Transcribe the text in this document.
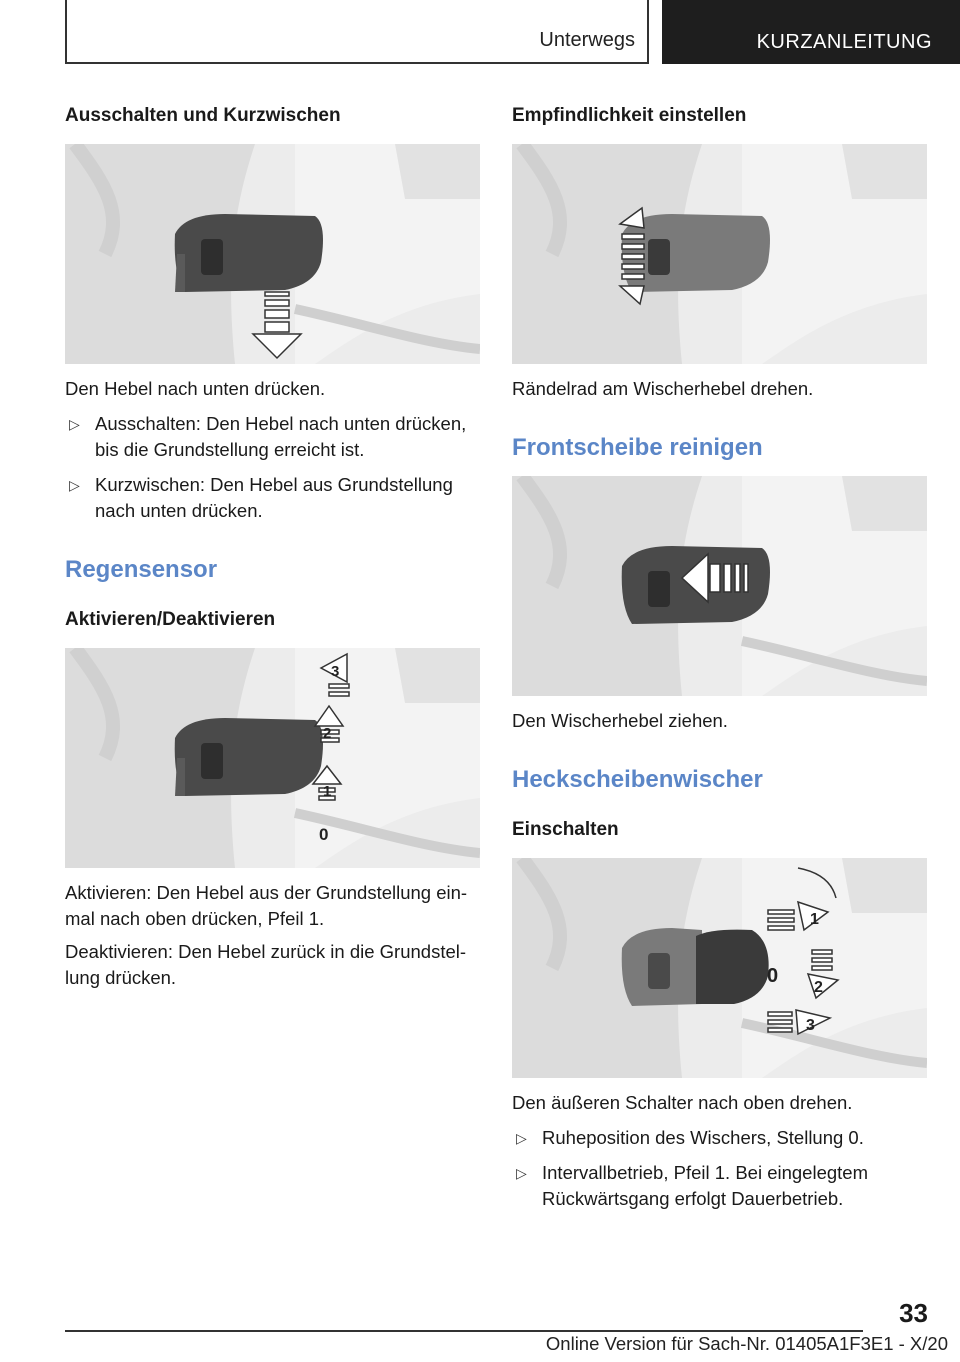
Unterwegs	KURZANLEITUNG
Ausschalten und Kurzwischen
Den Hebel nach unten drücken.
▷ Ausschalten: Den Hebel nach unten drücken, bis die Grundstellung erreicht ist.
▷ Kurzwischen: Den Hebel aus Grundstellung nach unten drücken.
Regensensor
Aktivieren/Deaktivieren
3
2
1
0
Aktivieren: Den Hebel aus der Grundstellung einmal nach oben drücken, Pfeil 1.
Deaktivieren: Den Hebel zurück in die Grundstellung drücken.
Empfindlichkeit einstellen
Rändelrad am Wischerhebel drehen.
Frontscheibe reinigen
Den Wischerhebel ziehen.
Heckscheibenwischer
Einschalten
1
0
2
3
Den äußeren Schalter nach oben drehen.
▷ Ruheposition des Wischers, Stellung 0.
▷ Intervallbetrieb, Pfeil 1. Bei eingelegtem Rückwärtsgang erfolgt Dauerbetrieb.
33
Online Version für Sach-Nr. 01405A1F3E1 - X/20
